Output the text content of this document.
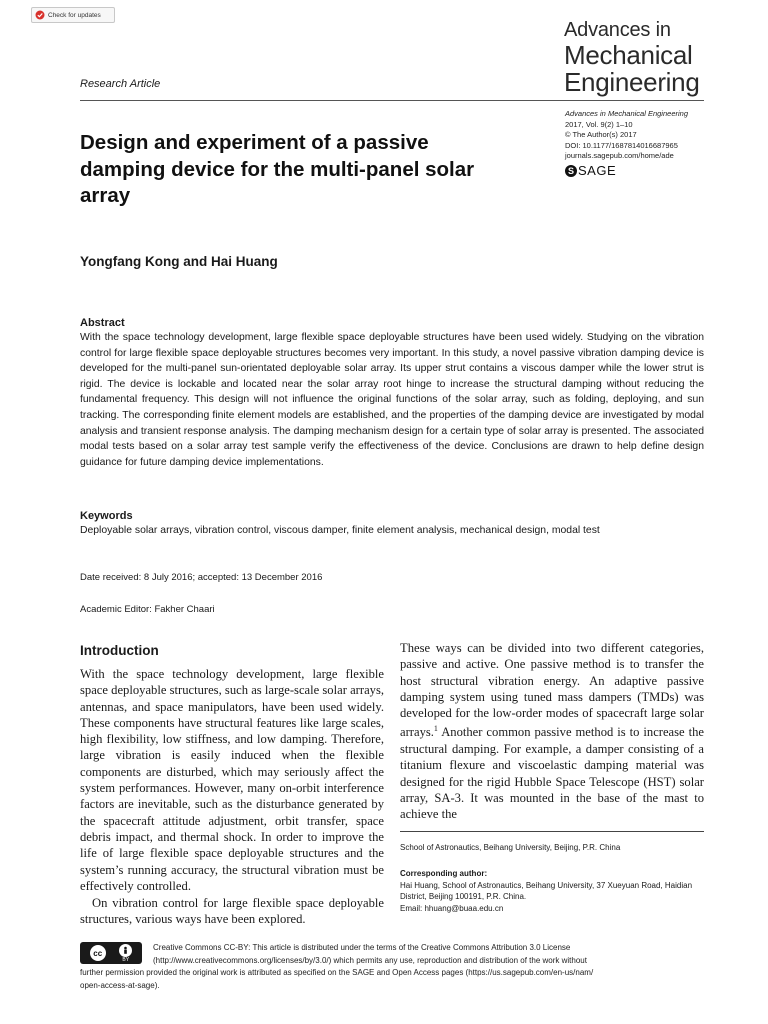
Check for updates
Advances in
Mechanical
Engineering
Research Article
Advances in Mechanical Engineering
2017, Vol. 9(2) 1–10
© The Author(s) 2017
DOI: 10.1177/1687814016687965
journals.sagepub.com/home/ade
S SAGE
Design and experiment of a passive damping device for the multi-panel solar array
Yongfang Kong and Hai Huang
Abstract

With the space technology development, large flexible space deployable structures have been used widely. Studying on the vibration control for large flexible space deployable structures becomes very important. In this study, a novel passive vibration damping device is developed for the multi-panel sun-orientated deployable solar array. Its upper strut contains a viscous damper while the lower strut is rigid. The device is lockable and located near the solar array root hinge to increase the structural damping without reducing the fundamental frequency. This design will not influence the original functions of the solar array, such as folding, deploying, and sun tracking. The corresponding finite element models are established, and the properties of the damping device are investigated by modal analysis and transient response analysis. The damping mechanism design for a certain type of solar array is presented. The associated modal tests based on a solar array test sample verify the effectiveness of the device. Conclusions are drawn to help define design guidance for future damping device implementations.

Keywords

Deployable solar arrays, vibration control, viscous damper, finite element analysis, mechanical design, modal test

Date received: 8 July 2016; accepted: 13 December 2016
Academic Editor: Fakher Chaari
Introduction

With the space technology development, large flexible space deployable structures, such as large-scale solar arrays, antennas, and space manipulators, have been used widely. These components have structural features like large scales, high flexibility, low stiffness, and low damping. Therefore, large vibration is easily induced when the flexible components are disturbed, which may seriously affect the system performances. However, many on-orbit interference factors are inevitable, such as the disturbance generated by the spacecraft attitude adjustment, orbit transfer, space debris impact, and thermal shock. In order to improve the life of large flexible space deployable structures and the system’s running accuracy, the structural vibration must be effectively controlled.

On vibration control for large flexible space deployable structures, various ways have been explored.

These ways can be divided into two different categories, passive and active. One passive method is to transfer the host structural vibration energy. An adaptive passive damping system using tuned mass dampers (TMDs) was developed for the low-order modes of spacecraft large solar arrays.$^1$ Another common passive method is to increase the structural damping. For example, a damper consisting of a titanium flexure and viscoelastic damping material was designed for the rigid Hubble Space Telescope (HST) solar array, SA-3. It was mounted in the base of the mast to achieve the

School of Astronautics, Beihang University, Beijing, P.R. China
Corresponding author:
Hai Huang, School of Astronautics, Beihang University, 37 Xueyuan Road, Haidian District, Beijing 100191, P.R. China.
Email: hhuang@buaa.edu.cn
cc
BY
Creative Commons CC-BY: This article is distributed under the terms of the Creative Commons Attribution 3.0 License
(http://www.creativecommons.org/licenses/by/3.0/) which permits any use, reproduction and distribution of the work without
further permission provided the original work is attributed as specified on the SAGE and Open Access pages (https://us.sagepub.com/en-us/nam/
open-access-at-sage).
